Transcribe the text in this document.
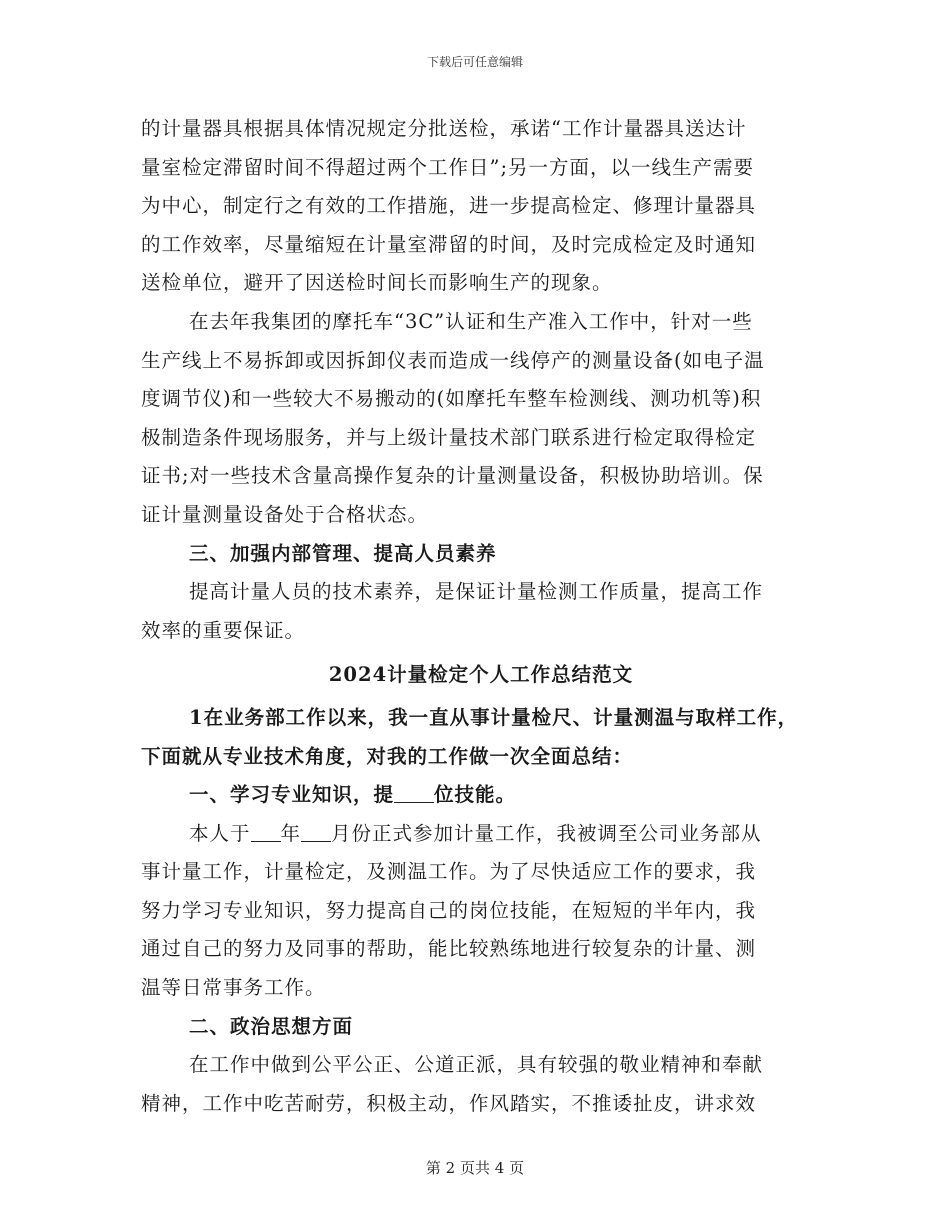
下载后可任意编辑
的计量器具根据具体情况规定分批送检，承诺“工作计量器具送达计
量室检定滞留时间不得超过两个工作日”;另一方面，以一线生产需要
为中心，制定行之有效的工作措施，进一步提高检定、修理计量器具
的工作效率，尽量缩短在计量室滞留的时间，及时完成检定及时通知
送检单位，避开了因送检时间长而影响生产的现象。
在去年我集团的摩托车“3C”认证和生产准入工作中，针对一些
生产线上不易拆卸或因拆卸仪表而造成一线停产的测量设备(如电子温
度调节仪)和一些较大不易搬动的(如摩托车整车检测线、测功机等)积
极制造条件现场服务，并与上级计量技术部门联系进行检定取得检定
证书;对一些技术含量高操作复杂的计量测量设备，积极协助培训。保
证计量测量设备处于合格状态。
三、加强内部管理、提高人员素养
提高计量人员的技术素养，是保证计量检测工作质量，提高工作
效率的重要保证。
2024计量检定个人工作总结范文
1在业务部工作以来，我一直从事计量检尺、计量测温与取样工作，
下面就从专业技术角度，对我的工作做一次全面总结：
一、学习专业知识，提 位技能。
本人于 年 月份正式参加计量工作，我被调至公司业务部从
事计量工作，计量检定，及测温工作。为了尽快适应工作的要求，我
努力学习专业知识，努力提高自己的岗位技能，在短短的半年内，我
通过自己的努力及同事的帮助，能比较熟练地进行较复杂的计量、测
温等日常事务工作。
二、政治思想方面
在工作中做到公平公正、公道正派，具有较强的敬业精神和奉献
精神，工作中吃苦耐劳，积极主动，作风踏实，不推诿扯皮，讲求效
第 2 页共 4 页
